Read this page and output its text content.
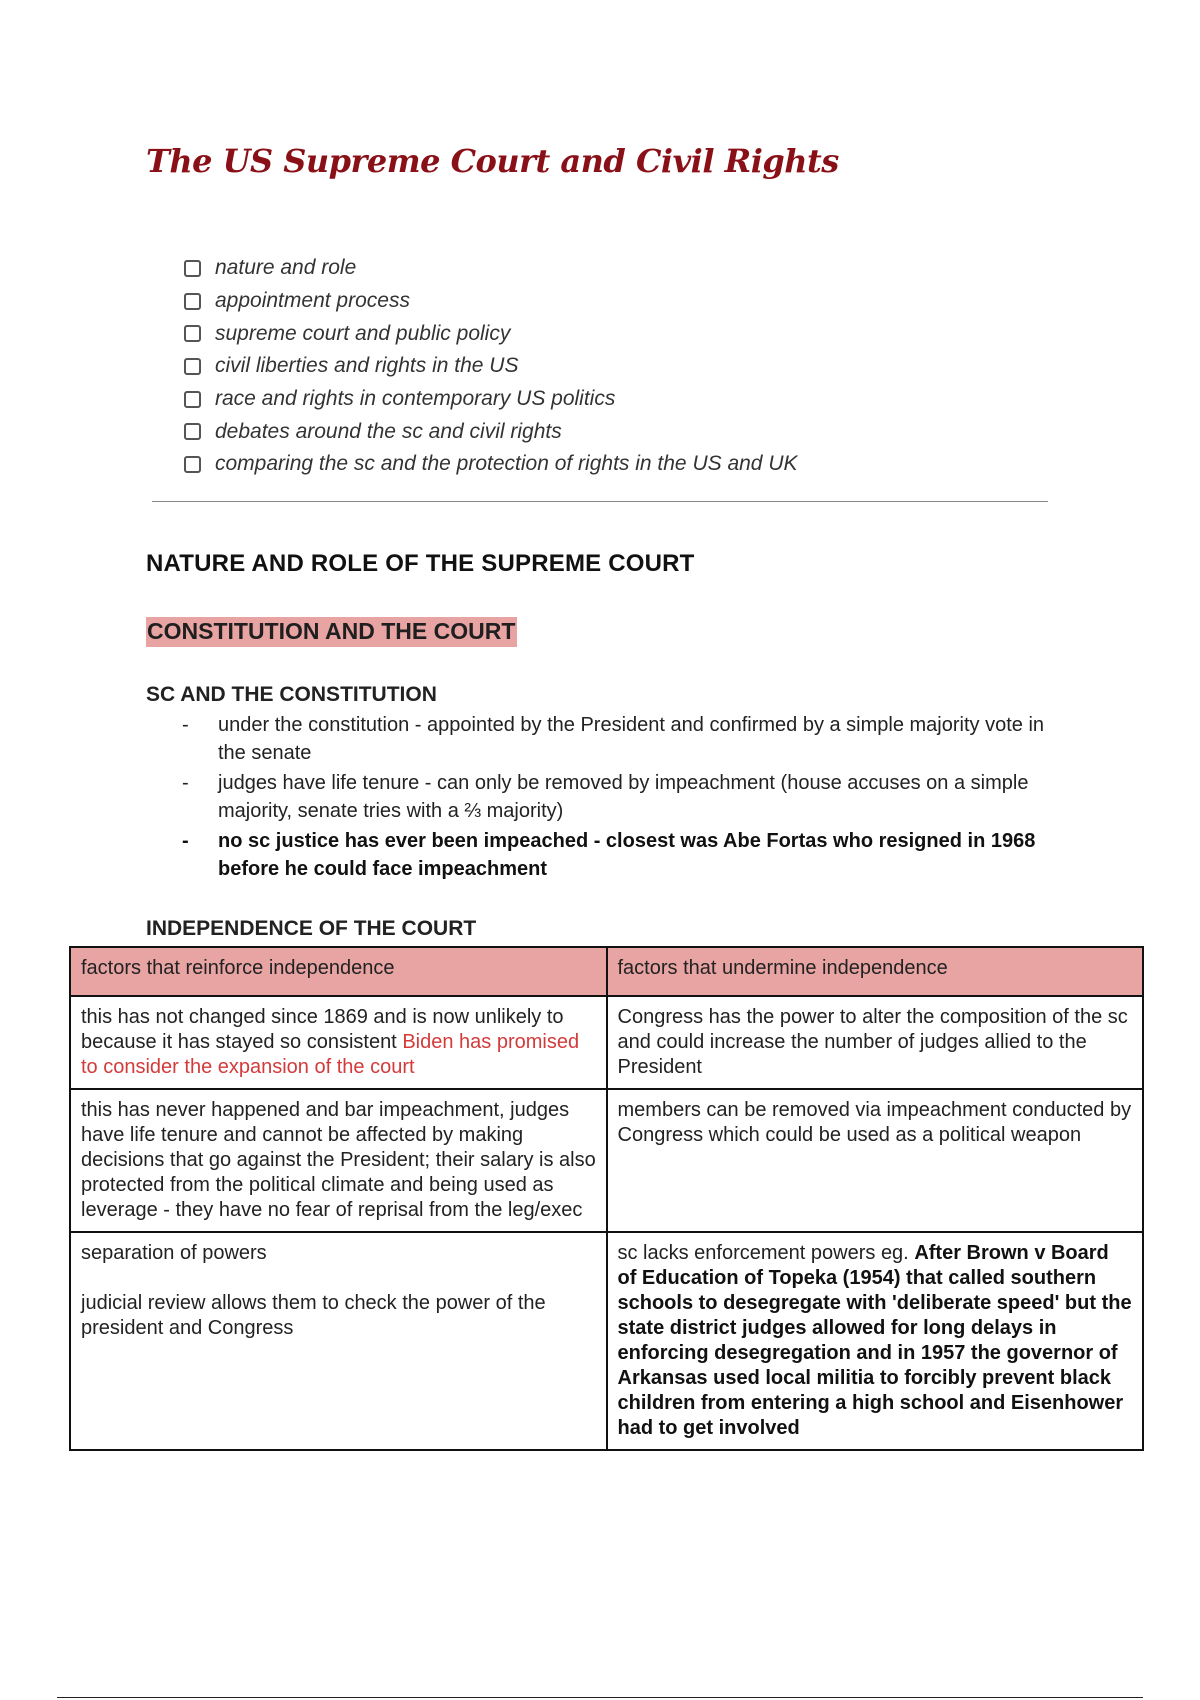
The US Supreme Court and Civil Rights
nature and role
appointment process
supreme court and public policy
civil liberties and rights in the US
race and rights in contemporary US politics
debates around the sc and civil rights
comparing the sc and the protection of rights in the US and UK
NATURE AND ROLE OF THE SUPREME COURT
CONSTITUTION AND THE COURT
SC AND THE CONSTITUTION
- under the constitution - appointed by the President and confirmed by a simple majority vote in the senate
- judges have life tenure - can only be removed by impeachment (house accuses on a simple majority, senate tries with a ⅔ majority)
- no sc justice has ever been impeached - closest was Abe Fortas who resigned in 1968 before he could face impeachment
INDEPENDENCE OF THE COURT
factors that reinforce independence	factors that undermine independence
this has not changed since 1869 and is now unlikely to because it has stayed so consistent Biden has promised to consider the expansion of the court	Congress has the power to alter the composition of the sc and could increase the number of judges allied to the President
this has never happened and bar impeachment, judges have life tenure and cannot be affected by making decisions that go against the President; their salary is also protected from the political climate and being used as leverage - they have no fear of reprisal from the leg/exec	members can be removed via impeachment conducted by Congress which could be used as a political weapon

separation of powers
judicial review allows them to check the power of the president and Congress	sc lacks enforcement powers eg. After Brown v Board of Education of Topeka (1954) that called southern schools to desegregate with 'deliberate speed' but the state district judges allowed for long delays in enforcing desegregation and in 1957 the governor of Arkansas used local militia to forcibly prevent black children from entering a high school and Eisenhower had to get involved
